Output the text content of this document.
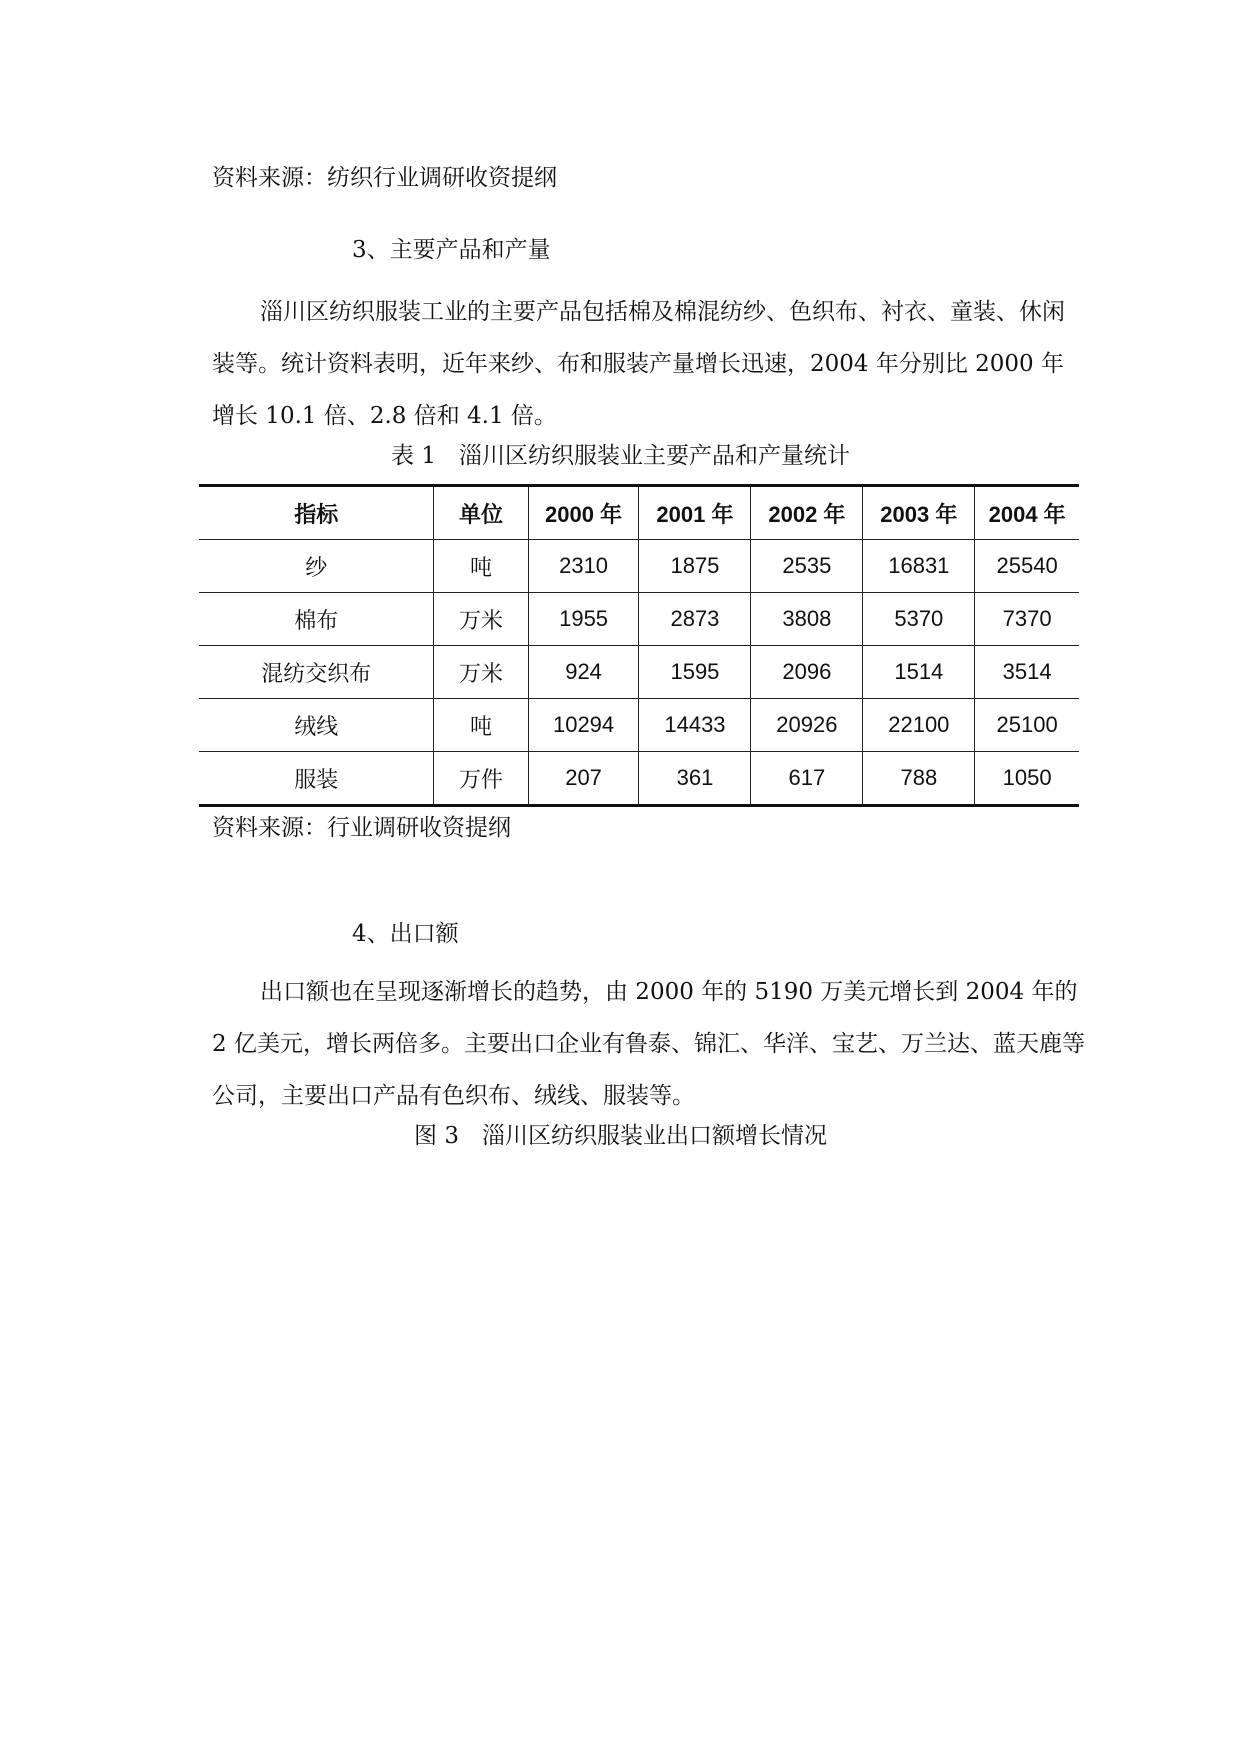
资料来源：纺织行业调研收资提纲
3、主要产品和产量
淄川区纺织服装工业的主要产品包括棉及棉混纺纱、色织布、衬衣、童装、休闲装等。统计资料表明，近年来纱、布和服装产量增长迅速，2004 年分别比 2000 年增长 10.1 倍、2.8 倍和 4.1 倍。
表 1　淄川区纺织服装业主要产品和产量统计
指标	单位	2000 年	2001 年	2002 年	2003 年	2004 年
纱	吨	2310	1875	2535	16831	25540
棉布	万米	1955	2873	3808	5370	7370
混纺交织布	万米	924	1595	2096	1514	3514
绒线	吨	10294	14433	20926	22100	25100
服装	万件	207	361	617	788	1050
资料来源：行业调研收资提纲
4、出口额
出口额也在呈现逐渐增长的趋势，由 2000 年的 5190 万美元增长到 2004 年的 2 亿美元，增长两倍多。主要出口企业有鲁泰、锦汇、华洋、宝艺、万兰达、蓝天鹿等公司，主要出口产品有色织布、绒线、服装等。
图 3　淄川区纺织服装业出口额增长情况
